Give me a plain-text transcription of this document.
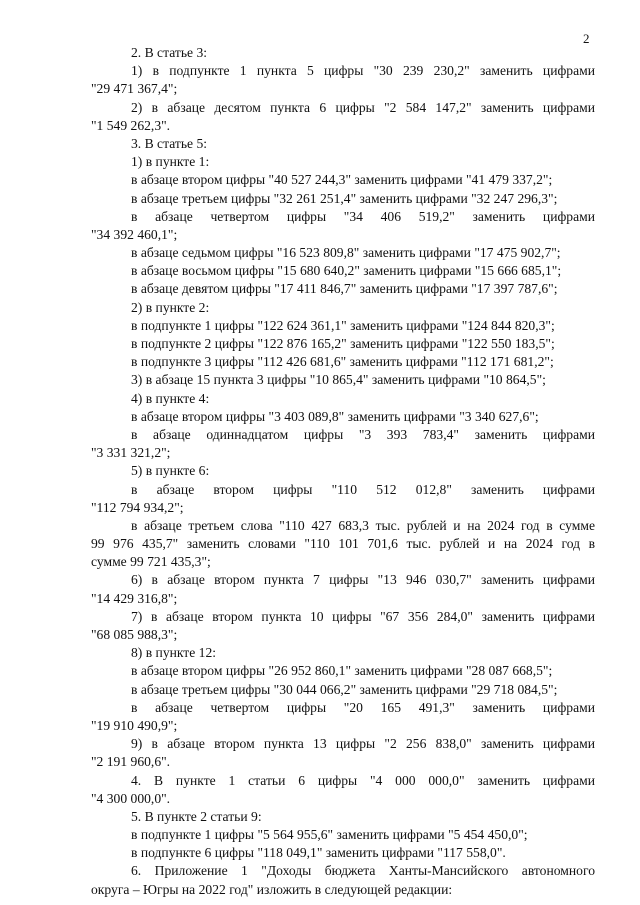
2
2. В статье 3:
1) в подпункте 1 пункта 5 цифры "30 239 230,2" заменить цифрами
"29 471 367,4";
2) в абзаце десятом пункта 6 цифры "2 584 147,2" заменить цифрами
"1 549 262,3".
3. В статье 5:
1) в пункте 1:
в абзаце втором цифры "40 527 244,3" заменить цифрами "41 479 337,2";
в абзаце третьем цифры "32 261 251,4" заменить цифрами "32 247 296,3";
в абзаце четвертом цифры "34 406 519,2" заменить цифрами
"34 392 460,1";
в абзаце седьмом цифры "16 523 809,8" заменить цифрами "17 475 902,7";
в абзаце восьмом цифры "15 680 640,2" заменить цифрами "15 666 685,1";
в абзаце девятом цифры "17 411 846,7" заменить цифрами "17 397 787,6";
2) в пункте 2:
в подпункте 1 цифры "122 624 361,1" заменить цифрами "124 844 820,3";
в подпункте 2 цифры "122 876 165,2" заменить цифрами "122 550 183,5";
в подпункте 3 цифры "112 426 681,6" заменить цифрами "112 171 681,2";
3) в абзаце 15 пункта 3 цифры "10 865,4" заменить цифрами "10 864,5";
4) в пункте 4:
в абзаце втором цифры "3 403 089,8" заменить цифрами "3 340 627,6";
в абзаце одиннадцатом цифры "3 393 783,4" заменить цифрами
"3 331 321,2";
5) в пункте 6:
в абзаце втором цифры "110 512 012,8" заменить цифрами
"112 794 934,2";
в абзаце третьем слова "110 427 683,3 тыс. рублей и на 2024 год в сумме
99 976 435,7" заменить словами "110 101 701,6 тыс. рублей и на 2024 год в
сумме 99 721 435,3";
6) в абзаце втором пункта 7 цифры "13 946 030,7" заменить цифрами
"14 429 316,8";
7) в абзаце втором пункта 10 цифры "67 356 284,0" заменить цифрами
"68 085 988,3";
8) в пункте 12:
в абзаце втором цифры "26 952 860,1" заменить цифрами "28 087 668,5";
в абзаце третьем цифры "30 044 066,2" заменить цифрами "29 718 084,5";
в абзаце четвертом цифры "20 165 491,3" заменить цифрами
"19 910 490,9";
9) в абзаце втором пункта 13 цифры "2 256 838,0" заменить цифрами
"2 191 960,6".
4. В пункте 1 статьи 6 цифры "4 000 000,0" заменить цифрами
"4 300 000,0".
5. В пункте 2 статьи 9:
в подпункте 1 цифры "5 564 955,6" заменить цифрами "5 454 450,0";
в подпункте 6 цифры "118 049,1" заменить цифрами "117 558,0".
6. Приложение 1 "Доходы бюджета Ханты-Мансийского автономного
округа – Югры на 2022 год" изложить в следующей редакции:
